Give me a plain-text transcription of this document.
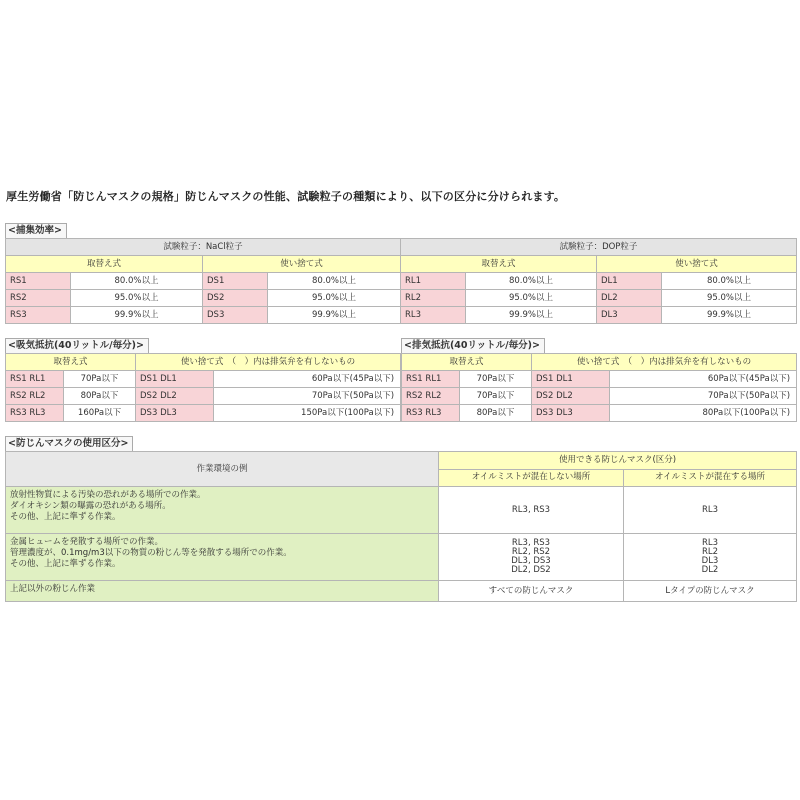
厚生労働省「防じんマスクの規格」防じんマスクの性能、試験粒子の種類により、以下の区分に分けられます。
<捕集効率>
試験粒子：NaCl粒子				試験粒子：DOP粒子			
取替え式		使い捨て式		取替え式		使い捨て式	
RS1	80.0%以上	DS1	80.0%以上	RL1	80.0%以上	DL1	80.0%以上
RS2	95.0%以上	DS2	95.0%以上	RL2	95.0%以上	DL2	95.0%以上
RS3	99.9%以上	DS3	99.9%以上	RL3	99.9%以上	DL3	99.9%以上
<吸気抵抗(40リットル/毎分)>
取替え式		使い捨て式　（　）内は排気弁を有しないもの	
RS1 RL1	70Pa以下	DS1 DL1	60Pa以下(45Pa以下)
RS2 RL2	80Pa以下	DS2 DL2	70Pa以下(50Pa以下)
RS3 RL3	160Pa以下	DS3 DL3	150Pa以下(100Pa以下)
<排気抵抗(40リットル/毎分)>
取替え式		使い捨て式　（　）内は排気弁を有しないもの	
RS1 RL1	70Pa以下	DS1 DL1	60Pa以下(45Pa以下)
RS2 RL2	70Pa以下	DS2 DL2	70Pa以下(50Pa以下)
RS3 RL3	80Pa以下	DS3 DL3	80Pa以下(100Pa以下)
<防じんマスクの使用区分>
作業環境の例	使用できる防じんマスク(区分)	
	オイルミストが混在しない場所	オイルミストが混在する場所

放射性物質による汚染の恐れがある場所での作業。
ダイオキシン類の曝露の恐れがある場所。
その他、上記に準ずる作業。	RL3, RS3	RL3

金属ヒュームを発散する場所での作業。
管理濃度が、0.1mg/m3以下の物質の粉じん等を発散する場所での作業。
その他、上記に準ずる作業。	RL3, RS3
RL2, RS2
DL3, DS3
DL2, DS2	RL3
RL2
DL3
DL2

上記以外の粉じん作業	すべての防じんマスク	Lタイプの防じんマスク
